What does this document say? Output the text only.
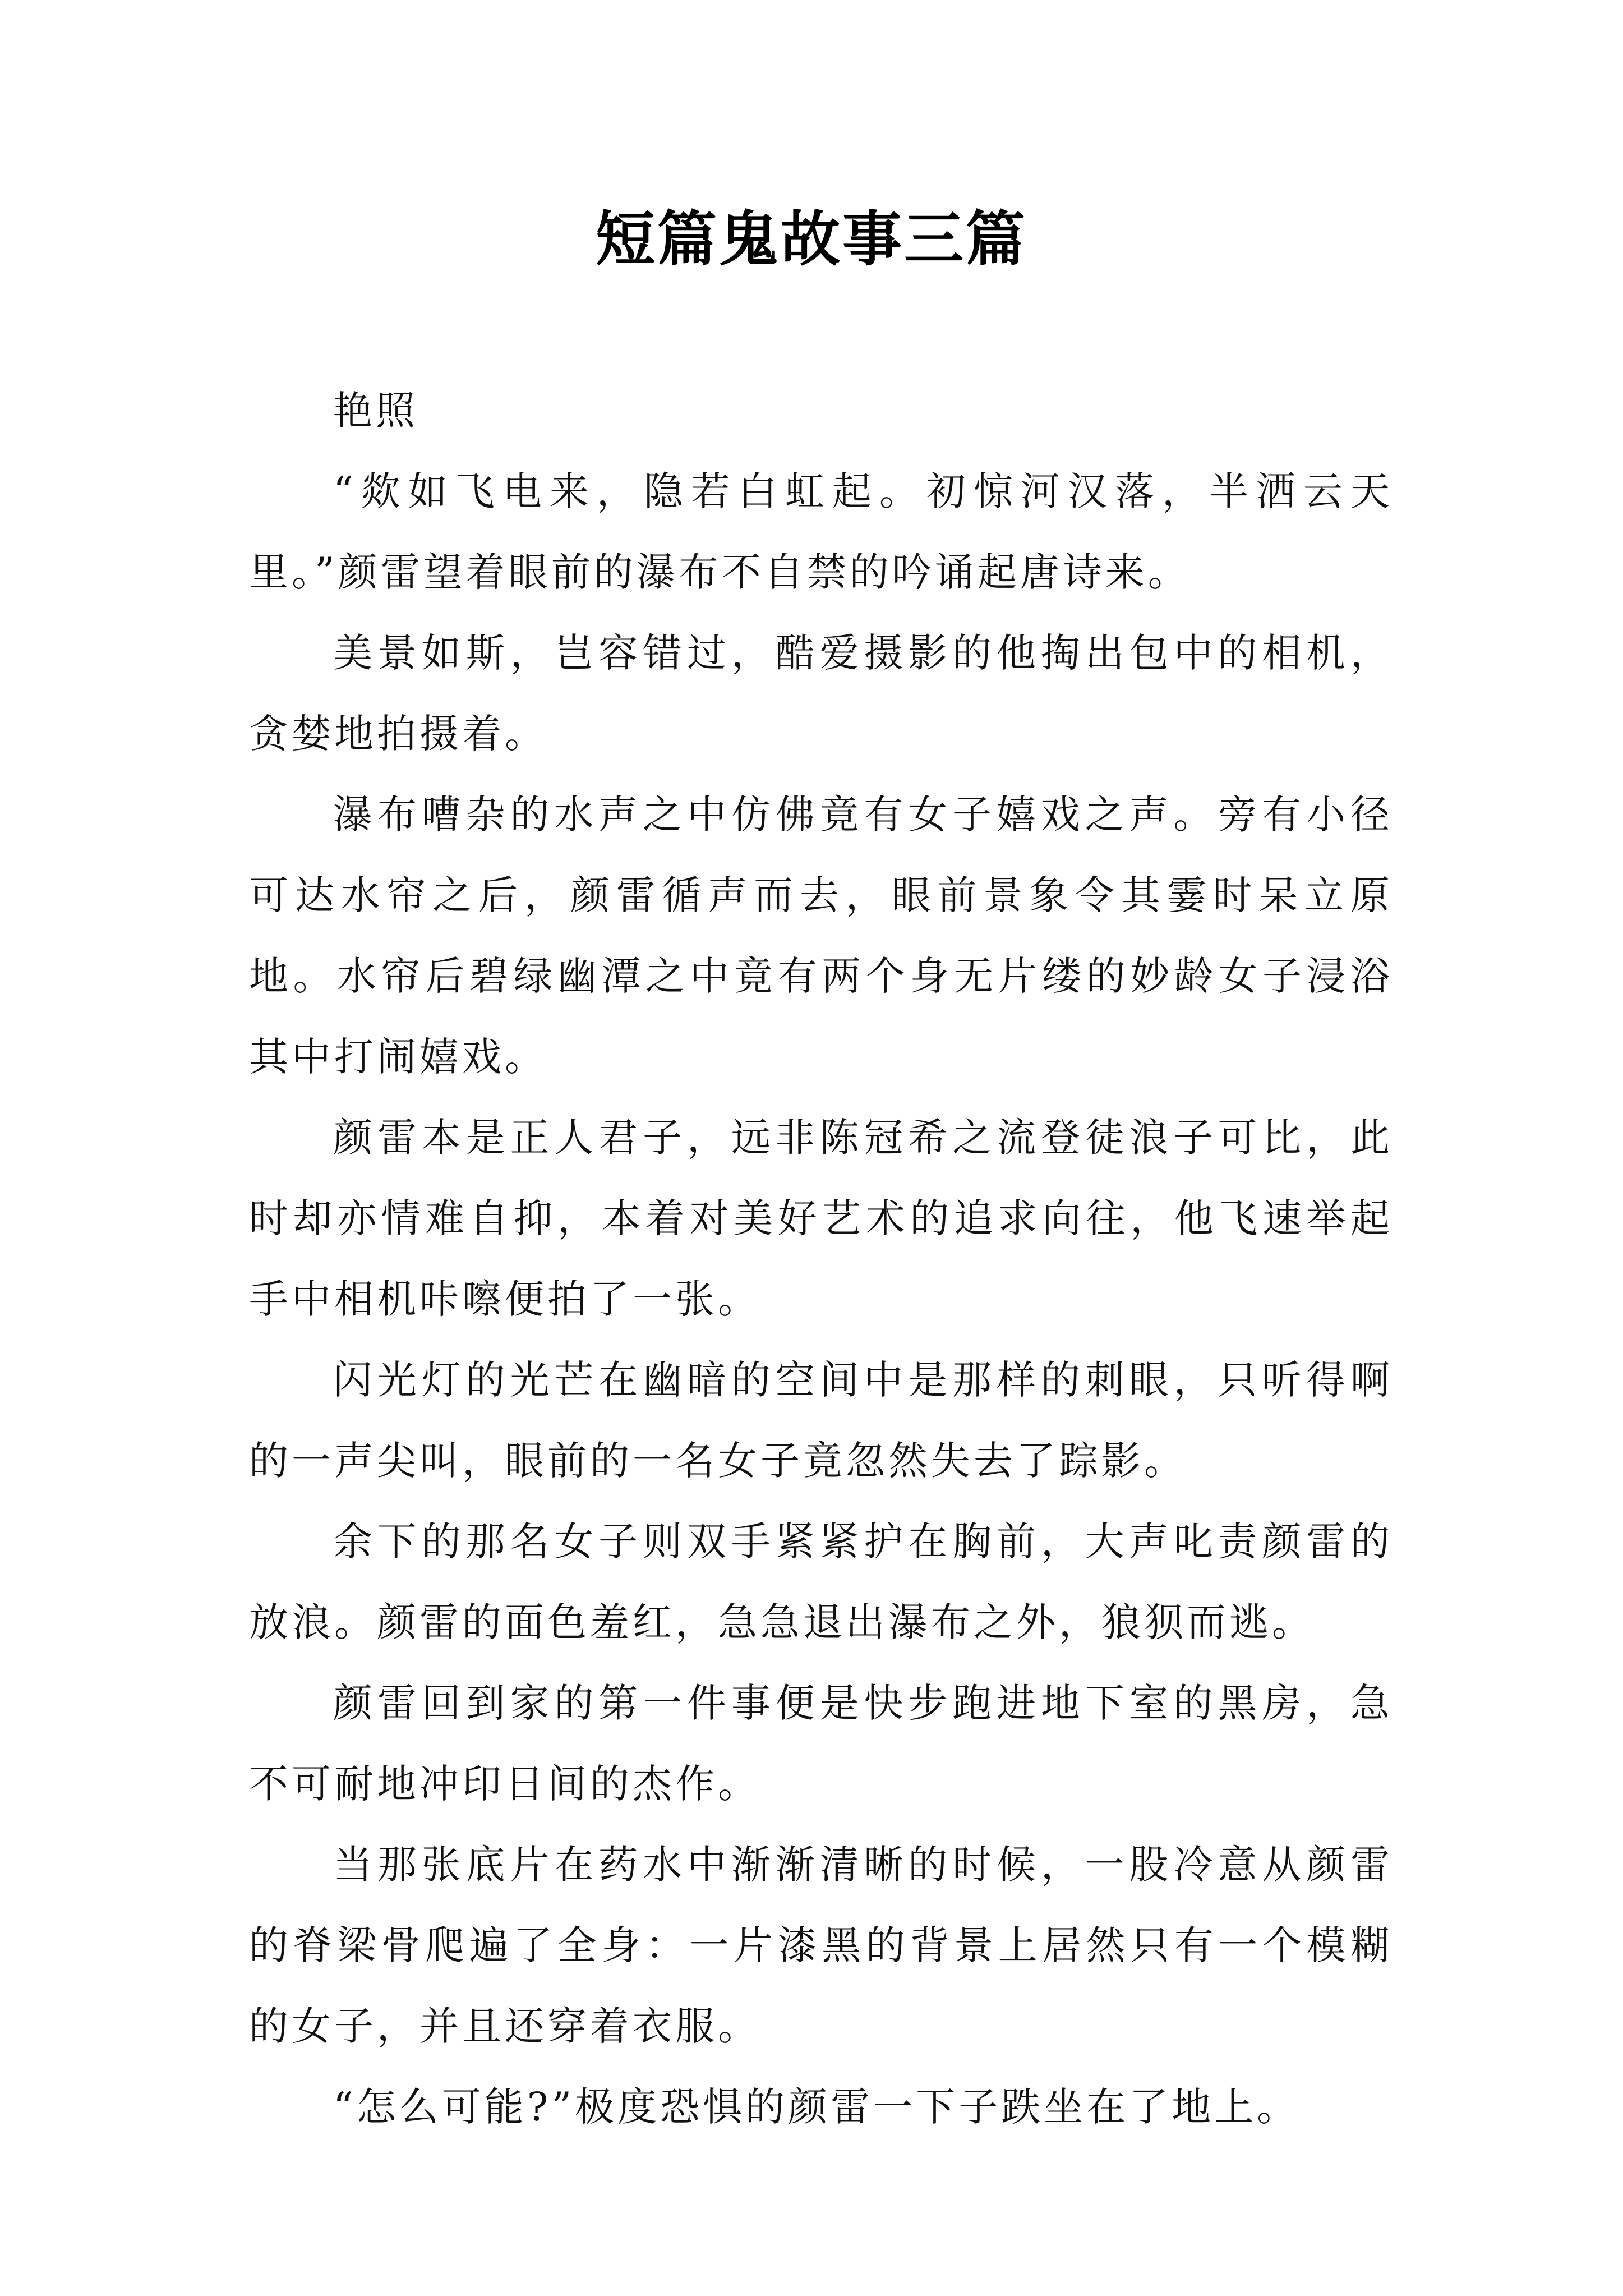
短篇鬼故事三篇
艳照

“欻如飞电来，隐若白虹起。初惊河汉落，半洒云天里。”颜雷望着眼前的瀑布不自禁的吟诵起唐诗来。

美景如斯，岂容错过，酷爱摄影的他掏出包中的相机，贪婪地拍摄着。

瀑布嘈杂的水声之中仿佛竟有女子嬉戏之声。旁有小径可达水帘之后，颜雷循声而去，眼前景象令其霎时呆立原地。水帘后碧绿幽潭之中竟有两个身无片缕的妙龄女子浸浴其中打闹嬉戏。

颜雷本是正人君子，远非陈冠希之流登徒浪子可比，此时却亦情难自抑，本着对美好艺术的追求向往，他飞速举起手中相机咔嚓便拍了一张。

闪光灯的光芒在幽暗的空间中是那样的刺眼，只听得啊的一声尖叫，眼前的一名女子竟忽然失去了踪影。

余下的那名女子则双手紧紧护在胸前，大声叱责颜雷的放浪。颜雷的面色羞红，急急退出瀑布之外，狼狈而逃。

颜雷回到家的第一件事便是快步跑进地下室的黑房，急不可耐地冲印日间的杰作。

当那张底片在药水中渐渐清晰的时候，一股冷意从颜雷的脊梁骨爬遍了全身：一片漆黑的背景上居然只有一个模糊的女子，并且还穿着衣服。

“怎么可能?”极度恐惧的颜雷一下子跌坐在了地上。
